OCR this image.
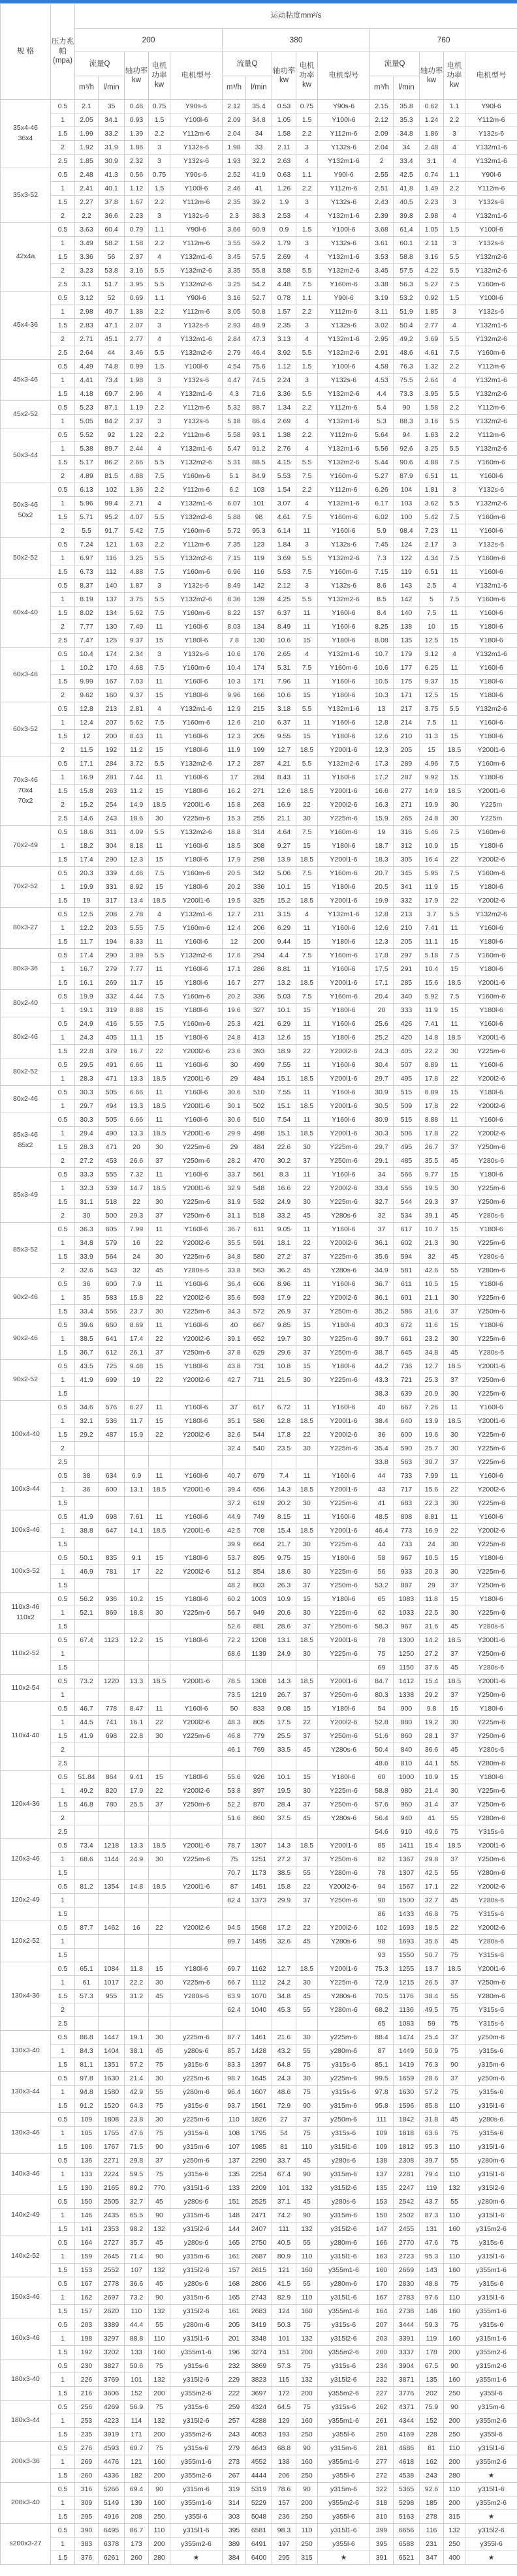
规 格	压力兆帕(mpa)	运动粘度mm²/s														
		200					380					760				
		流量Q		轴功率kw	电机功率kw	电机型号	流量Q		轴功率kw	电机功率kw	电机型号	流量Q		轴功率kw	电机功率kw	电机型号
		m³/h	l/min				m³/h	l/min				m³/h	l/min			
35x4-46
36x4	0.5	2.1	35	0.46	0.75	Y90s-6	2.12	35.4	0.53	0.75	Y90s-6	2.15	35.8	0.62	1.1	Y90l-6
	1	2.05	34.1	0.93	1.5	Y100l-6	2.09	34.8	1.05	1.5	Y100l-6	2.12	35.3	1.24	2.2	Y112m-6
	1.5	1.99	33.2	1.39	2.2	Y112m-6	2.04	34	1.58	2.2	Y112m-6	2.09	34.8	1.86	3	Y132s-6
	2	1.92	31.9	1.86	3	Y132s-6	1.98	33	2.11	3	Y132s-6	2.04	34	2.48	4	Y132m1-6
	2.5	1.85	30.9	2.32	3	Y132s-6	1.93	32.2	2.63	4	Y132m1-6	2	33.4	3.1	4	Y132m1-6
35x3-52	0.5	2.48	41.3	0.56	0.75	Y90s-6	2.52	41.9	0.63	1.1	Y90l-6	2.55	42.5	0.74	1.1	Y90l-6
	1	2.41	40.1	1.12	1.5	Y100l-6	2.46	41	1.26	2.2	Y112m-6	2.51	41.8	1.49	2.2	Y112m-6
	1.5	2.27	37.8	1.67	2.2	Y112m-6	2.35	39.2	1.9	3	Y132s-6	2.43	40.5	2.23	3	Y132s-6
	2	2.2	36.6	2.23	3	Y132s-6	2.3	38.3	2.53	4	Y132m1-6	2.39	39.8	2.98	4	Y132m1-6
42x4a	0.5	3.63	60.4	0.79	1.1	Y90l-6	3.66	60.9	0.9	1.5	Y100l-6	3.68	61.4	1.05	1.5	Y100l-6
	1	3.49	58.2	1.58	2.2	Y112m-6	3.55	59.2	1.79	3	Y132s-6	3.61	60.1	2.11	3	Y132s-6
	1.5	3.36	56	2.37	4	Y132m1-6	3.45	57.5	2.69	4	Y132m1-6	3.53	58.8	3.16	5.5	Y132m2-6
	2	3.23	53.8	3.16	5.5	Y132m2-6	3.35	55.8	3.58	5.5	Y132m2-6	3.45	57.5	4.22	5.5	Y132m2-6
	2.5	3.1	51.7	3.95	5.5	Y132m2-6	3.25	54.2	4.48	7.5	Y160m-6	3.38	56.3	5.27	7.5	Y160m-6
45x4-36	0.5	3.12	52	0.69	1.1	Y90l-6	3.16	52.7	0.78	1.1	Y90l-6	3.19	53.2	0.92	1.5	Y100l-6
	1	2.98	49.7	1.38	2.2	Y112m-6	3.05	50.8	1.57	2.2	Y112m-6	3.11	51.9	1.85	3	Y132s-6
	1.5	2.83	47.1	2.07	3	Y132s-6	2.93	48.9	2.35	3	Y132s-6	3.02	50.4	2.77	4	Y132m1-6
	2	2.71	45.1	2.77	4	Y132m1-6	2.84	47.3	3.13	4	Y132m1-6	2.95	49.2	3.69	5.5	Y132m2-6
	2.5	2.64	44	3.46	5.5	Y132m2-6	2.79	46.4	3.92	5.5	Y132m2-6	2.91	48.6	4.61	7.5	Y160m-6
45x3-46	0.5	4.49	74.8	0.99	1.5	Y100l-6	4.54	75.6	1.12	1.5	Y100l-6	4.58	76.3	1.32	2.2	Y112m-6
	1	4.41	73.4	1.98	3	Y132s-6	4.47	74.5	2.24	3	Y132s-6	4.53	75.5	2.64	4	Y132m1-6
	1.5	4.18	69.7	2.96	4	Y132m1-6	4.3	71.6	3.36	5.5	Y132m2-6	4.4	73.3	3.95	5.5	Y132m2-6
45x2-52	0.5	5.23	87.1	1.19	2.2	Y112m-6	5.32	88.7	1.34	2.2	Y112m-6	5.4	90	1.58	2.2	Y112m-6
	1	5.05	84.2	2.37	3	Y132s-6	5.18	86.4	2.69	4	Y132m1-6	5.3	88.3	3.16	5.5	Y132m2-6
50x3-44	0.5	5.52	92	1.22	2.2	Y112m-6	5.58	93.1	1.38	2.2	Y112m-6	5.64	94	1.63	2.2	Y112m-6
	1	5.38	89.7	2.44	4	Y132m1-6	5.47	91.2	2.76	4	Y132m1-6	5.56	92.6	3.25	5.5	Y132m2-6
	1.5	5.17	86.2	2.66	5.5	Y132m2-6	5.31	88.5	4.15	5.5	Y132m2-6	5.44	90.6	4.88	7.5	Y160m-6
	2	4.89	81.5	4.88	7.5	Y160m-6	5.1	84.9	5.53	7.5	Y160m-6	5.27	87.9	6.51	11	Y160l-6
50x3-46
50x2	0.5	6.13	102	1.36	2.2	Y112m-6	6.2	103	1.54	2.2	Y112m-6	6.26	104	1.81	3	Y132s-6
	1	5.96	99.4	2.71	4	Y132m1-6	6.07	101	3.07	4	Y132m1-6	6.17	103	3.62	5.5	Y132m2-6
	1.5	5.71	95.2	4.07	5.5	Y132m2-6	5.88	98	4.61	7.5	Y160m-6	6.02	100	5.42	7.5	Y160m-6
	2	5.5	91.7	5.42	7.5	Y160m-6	5.72	95.3	6.14	11	Y160l-6	5.9	98.4	7.23	11	Y160l-6
50x2-52	0.5	7.24	121	1.63	2.2	Y112m-6	7.35	123	1.84	3	Y132s-6	7.45	124	2.17	3	Y132s-6
	1	6.97	116	3.25	5.5	Y132m2-6	7.15	119	3.69	5.5	Y132m2-6	7.3	122	4.34	7.5	Y160m-6
	1.5	6.73	112	4.88	7.5	Y160m-6	6.96	116	5.53	7.5	Y160m-6	7.15	119	6.51	11	Y160l-6
60x4-40	0.5	8.37	140	1.87	3	Y132s-6	8.49	142	2.12	3	Y132s-6	8.6	143	2.5	4	Y132m1-6
	1	8.19	137	3.75	5.5	Y132m2-6	8.36	139	4.25	5.5	Y132m2-6	8.5	142	5	7.5	Y160m-6
	1.5	8.02	134	5.62	7.5	Y160m-6	8.22	137	6.37	11	Y160l-6	8.4	140	7.5	11	Y160l-6
	2	7.77	130	7.49	11	Y160l-6	8.03	134	8.49	11	Y160l-6	8.25	138	10	15	Y180l-6
	2.5	7.47	125	9.37	15	Y180l-6	7.8	130	10.6	15	Y180l-6	8.08	135	12.5	15	Y180l-6
60x3-46	0.5	10.4	174	2.34	3	Y132s-6	10.6	176	2.65	4	Y132m1-6	10.7	179	3.12	4	Y132m1-6
	1	10.2	170	4.68	7.5	Y160m-6	10.4	174	5.31	7.5	Y160m-6	10.6	177	6.25	11	Y160l-6
	1.5	9.99	167	7.03	11	Y160l-6	10.3	171	7.96	11	Y160l-6	10.5	175	9.37	15	Y180l-6
	2	9.62	160	9.37	15	Y180l-6	9.96	166	10.6	15	Y180l-6	10.3	171	12.5	15	Y180l-6
60x3-52	0.5	12.8	213	2.81	4	Y132m1-6	12.9	215	3.18	5.5	Y132m1-6	13	217	3.75	5.5	Y132m2-6
	1	12.4	207	5.62	7.5	Y160m-6	12.6	210	6.37	11	Y160l-6	12.8	214	7.5	11	Y160l-6
	1.5	12	200	8.43	11	Y160l-6	12.3	205	9.55	15	Y180l-6	12.6	210	11.3	15	Y180l-6
	2	11.5	192	11.2	15	Y180l-6	11.9	199	12.7	18.5	Y200l1-6	12.3	205	15	18.5	Y200l1-6
70x3-46
70x4
70x2	0.5	17.1	284	3.72	5.5	Y132m2-6	17.2	287	4.21	5.5	Y132m2-6	17.3	289	4.96	7.5	Y160m-6
	1	16.9	281	7.44	11	Y160l-6	17	284	8.43	11	Y160l-6	17.2	287	9.92	15	Y180l-6
	1.5	15.8	263	11.2	15	Y180l-6	16.2	271	12.6	18.5	Y200l1-6	16.6	277	14.9	18.5	Y200l1-6
	2	15.2	254	14.9	18.5	Y200l1-6	15.8	263	16.9	22	Y200l2-6	16.3	271	19.9	30	Y225m
	2.5	14.6	243	18.6	30	Y225m-6	15.3	255	21.1	30	Y225m-6	15.9	265	24.8	30	Y225m
70x2-49	0.5	18.6	311	4.09	5.5	Y132m2-6	18.8	314	4.64	7.5	Y160m-6	19	316	5.46	7.5	Y160m-6
	1	18.2	304	8.18	11	Y160l-6	18.5	308	9.27	15	Y180l-6	18.7	312	10.9	15	Y180l-6
	1.5	17.4	290	12.3	15	Y180l-6	17.9	298	13.9	18.5	Y200l1-6	18.3	305	16.4	22	Y200l2-6
70x2-52	0.5	20.3	339	4.46	7.5	Y160m-6	20.5	342	5.06	7.5	Y160m-6	20.7	345	5.95	7.5	Y160m-6
	1	19.9	331	8.92	15	Y180l-6	20.2	336	10.1	15	Y180l-6	20.5	341	11.9	15	Y180l-6
	1.5	19	317	13.4	18.5	Y200l1-6	19.5	325	15.2	18.5	Y200l1-6	19.9	332	17.9	22	Y200l2-6
80x3-27	0.5	12.5	208	2.78	4	Y132m1-6	12.7	211	3.15	4	Y132m1-6	12.8	213	3.7	5.5	Y132m2-6
	1	12.2	203	5.55	7.5	Y160m-6	12.4	206	6.29	11	Y160l-6	12.6	210	7.41	11	Y160l-6
	1.5	11.7	194	8.33	11	Y160l-6	12	200	9.44	15	Y180l-6	12.3	205	11.1	15	Y180l-6
80x3-36	0.5	17.4	290	3.89	5.5	Y132m2-6	17.6	294	4.4	7.5	Y160m-6	17.8	297	5.18	7.5	Y160m-6
	1	16.7	279	7.77	11	Y160l-6	17.1	286	8.81	11	Y160l-6	17.5	291	10.4	15	Y180l-6
	1.5	16.1	269	11.7	15	Y180l-6	16.7	277	13.2	18.5	Y200l1-6	17.1	285	15.6	18.5	Y200l1-6
80x2-40	0.5	19.9	332	4.44	7.5	Y160m-6	20.2	336	5.03	7.5	Y160m-6	20.4	340	5.92	7.5	Y160m-6
	1	19.1	319	8.88	15	Y180l-6	19.6	327	10.1	15	Y180l-6	20	333	11.9	15	Y180l-6
80x2-46	0.5	24.9	416	5.55	7.5	Y160m-6	25.3	421	6.29	11	Y160l-6	25.6	426	7.41	11	Y160l-6
	1	24.3	405	11.1	15	Y180l-6	24.8	413	12.6	15	Y180l-6	25.2	420	14.8	18.5	Y200l1-6
	1.5	22.8	379	16.7	22	Y200l2-6	23.6	393	18.9	22	Y200l2-6	24.3	405	22.2	30	Y225m-6
80x2-52	0.5	29.5	491	6.66	11	Y160l-6	30	499	7.55	11	Y160l-6	30.4	507	8.89	11	Y160l-6
	1	28.3	471	13.3	18.5	Y200l1-6	29	484	15.1	18.5	Y200l1-6	29.7	495	17.8	22	Y200l2-6
80x2-46	0.5	30.3	505	6.66	11	Y160l-6	30.6	510	7.55	11	Y160l-6	30.9	515	8.89	15	Y180l-6
	1	29.7	494	13.3	18.5	Y200l1-6	30.1	502	15.1	18.5	Y200l1-6	30.5	509	17.8	22	Y200l2-6
85x3-46
85x2	0.5	30.3	505	6.66	11	Y160l-6	30.6	510	7.54	11	Y160l-6	30.9	515	8.88	11	Y160l-6
	1	29.4	490	13.3	18.5	Y200l1-6	29.9	498	15.1	18.5	Y200l1-6	30.3	506	17.8	22	Y200l2-6
	1.5	28.3	471	20	30	Y225m-6	29	484	22.6	30	Y225m-6	29.7	495	26.7	37	Y250m-6
	2	27.2	453	26.6	37	Y250m-6	28.2	470	30.2	37	Y250m-6	29.1	485	35.5	45	Y280s-6
85x3-49	0.5	33.3	555	7.32	11	Y160l-6	33.7	561	8.3	11	Y160l-6	34	566	9.77	15	Y180l-6
	1	32.3	539	14.7	18.5	Y200l1-6	32.9	548	16.6	22	Y200l2-6	33.4	556	19.5	30	Y225m-6
	1.5	31.1	518	22	30	Y225m-6	31.9	532	24.9	30	Y225m-6	32.7	544	29.3	37	Y250m-6
	2	30	500	29.3	37	Y250m-6	31.1	518	33.2	45	Y280s-6	32	534	39.1	45	Y280s-6
85x3-52	0.5	36.3	605	7.99	11	Y160l-6	36.7	611	9.05	11	Y160l-6	37	617	10.7	15	Y180l-6
	1	34.8	579	16	22	Y200l2-6	35.5	591	18.1	22	Y200l2-6	36.1	602	21.3	30	Y225m-6
	1.5	33.9	564	24	30	Y225m-6	34.8	580	27.2	37	Y225m-6	35.6	594	32	45	Y280s-6
	2	32.6	543	32	45	Y280s-6	33.8	563	36.2	45	Y280s-6	34.9	581	42.6	55	Y280m-6
90x2-46	0.5	36	600	7.9	11	Y160l-6	36.4	606	8.96	11	Y160l-6	36.7	611	10.5	15	Y180l-6
	1	35	583	15.8	22	Y200l2-6	35.6	593	17.9	22	Y200l2-6	36.1	601	21.1	30	Y225m-6
	1.5	33.4	556	23.7	30	Y225m-6	34.3	572	26.9	37	Y250m-6	35.2	586	31.6	37	Y250m-6
90x2-46	0.5	39.6	660	8.69	11	Y160l-6	40	667	9.85	15	Y180l-6	40.3	672	11.6	15	Y180l-6
	1	38.5	641	17.4	22	Y200l2-6	39.1	652	19.7	30	Y225m-6	39.7	661	23.2	30	Y225m-6
	1.5	36.7	612	26.1	37	Y250m-6	37.8	629	29.6	37	Y250m-6	38.7	645	34.8	45	Y280s-6
90x2-52	0.5	43.5	725	9.48	15	Y180l-6	43.8	731	10.8	15	Y180l-6	44.2	736	12.7	18.5	Y200l1-6
	1	41.9	699	19	22	Y200l2-6	42.7	711	21.5	30	Y225m-6	43.3	721	25.3	37	Y250m-6
	1.5											38.3	639	20.9	30	Y225m-6
100x4-40	0.5	34.6	576	6.27	11	Y160l-6	37	617	6.72	11	Y160l-6	40	667	7.26	11	Y160l-6
	1	32.1	536	11.7	15	Y180l-6	35.1	586	12.8	18.5	Y200l1-6	38.4	640	13.9	18.5	Y200l1-6
	1.5	29.2	487	15.9	22	Y200l2-6	32.6	544	17.8	22	Y200l2-6	36	600	19.6	30	Y225m-6
	2						32.4	540	23.5	30	Y225m-6	35.4	590	25.7	30	Y225m-6
	2.5											33.8	563	30.7	37	Y225m-6
100x3-44	0.5	38	634	6.9	11	Y160l-6	40.7	679	7.4	11	Y160l-6	44	733	7.99	11	Y160l-6
	1	36	600	13.1	18.5	Y200l1-6	39.4	656	14.3	18.5	Y200l1-6	43	717	15.6	22	Y200l2-6
	1.5						37.2	619	20.2	30	Y225m-6	41	683	22.3	30	Y225m-6
100x3-46	0.5	41.9	698	7.61	11	Y160l-6	44.9	749	8.15	11	Y160l-6	48.5	808	8.81	11	Y160l-6
	1	38.8	647	14.1	18.5	Y200l1-6	42.5	708	15.4	18.5	Y200l1-6	46.4	773	16.9	22	Y200l2-6
	1.5						39.9	664	21.7	30	Y225m-6	44	733	24	30	Y225m-6
100x3-52	0.5	50.1	835	9.1	15	Y180l-6	53.7	895	9.75	15	Y180l-6	58	967	10.5	15	Y180l-6
	1	46.9	781	17	22	Y200l2-6	51.2	854	18.6	30	Y225m-6	56	933	20.3	30	Y225m-6
	1.5						48.2	803	26.3	37	Y250m-6	53.2	887	29	37	Y250m-6
110x3-46
110x2	0.5	56.2	936	10.2	15	Y180l-6	60.2	1003	10.9	15	Y180l-6	65	1083	11.8	15	Y180l-6
	1	52.1	869	18.8	30	Y225m-6	56.7	949	20.6	30	Y225m-6	62	1033	22.5	30	Y225m-6
	1.5						52.6	881	28.6	37	Y250m-6	58.3	967	31.6	45	Y280s-6
110x2-52	0.5	67.4	1123	12.2	15	Y180l-6	72.2	1208	13.1	18.5	Y200l1-6	78	1300	14.2	18.5	Y200l1-6
	1						68.6	1139	24.9	30	Y225m-6	75	1250	27.2	37	Y250m-6
	1.5											69	1150	37.6	45	Y280s-6
110x2-54	0.5	73.2	1220	13.3	18.5	Y200l1-6	78.5	1308	14.3	18.5	Y200l1-6	84.7	1412	15.4	18.5	Y200l1-6
	1						73.5	1219	26.7	37	Y250m-6	80.3	1338	29.2	37	Y250m-6
110x4-40	0.5	46.7	778	8.47	11	Y160l-6	50	833	9.08	15	Y180l-6	54	900	9.8	15	Y180l-6
	1	44.5	741	16.1	22	Y200l2-6	48.3	805	17.5	22	Y200l2-6	52.8	880	19.2	30	Y225m-6
	1.5	41.9	698	22.8	30	Y225m-6	46.8	779	25.5	37	Y250m-6	51.6	860	28.1	37	Y250m-6
	2						46.1	769	33.5	45	Y280s-6	50.4	840	36.6	45	Y280s-6
	2.5											48.6	810	44.1	55	Y280m-6
120x4-36	0.5	51.84	864	9.41	15	Y180l-6	55.6	926	10.1	15	Y180l-6	60	1000	10.9	15	Y180l-6
	1	49.2	820	17.9	22	Y200l2-6	53.8	897	19.5	30	Y225m-6	58.8	980	21.4	30	Y225m-6
	1.5	46.8	780	25.5	37	Y250m-6	52.2	870	28.4	37	Y250m-6	57.6	960	31.4	37	Y250m-6
	2						51.6	860	37.5	45	Y280s-6	56.4	940	41	55	Y280m-6
	2.5											54.6	910	49.6	75	Y315s-6
120x3-46	0.5	73.4	1218	13.3	18.5	Y200l1-6	78.7	1307	14.3	18.5	Y200l1-6	85	1411	15.4	18.5	Y200l1-6
	1	68.6	1144	24.9	30	Y225m-6	75	1251	27.2	37	Y250m-6	82	1367	29.8	37	Y250m-6
	1.5						70.7	1173	38.5	55	Y280m-6	78	1307	42.5	55	Y280m-6
120x2-49	0.5	81.2	1354	14.8	18.5	Y200l1-6	87	1451	15.8	22	Y200l2-6-	94	1567	17.1	22	Y200l2-6
	1						82.4	1373	29.9	37	Y250m-6	90	1500	32.7	45	Y280s-6
	1.5											86	1433	46.8	75	Y315s-6
120x2-52	0.5	87.7	1462	16	22	Y200l2-6	94.5	1568	17.2	22	Y200l2-6	102	1693	18.5	22	Y200l2-6
	1						89.7	1495	32.6	45	Y280s-6	98	1693	35.6	45	Y280s-6
	1.5											93	1550	50.7	75	Y315s-6
130x4-36	0.5	65.1	1084	11.8	15	Y180l-6	69.7	1162	12.7	18.5	Y200l1-6	75.3	1255	13.7	18.5	Y200l1-6
	1	61	1017	22.2	30	Y225m-6	66.7	1112	24.2	30	Y225m-6	72.9	1215	26.5	37	Y250m-6
	1.5	57.3	955	31.2	45	Y280s-6	63.9	1070	34.8	45	Y280s-6	70.5	1176	38.4	55	Y280m-6
	2						62.4	1040	45.3	55	Y280m-6	68.2	1136	49.5	75	Y315s-6
	2.5											65	1083	59	75	Y315s-6
130x3-40	0.5	86.8	1447	19.1	30	y225m-6	87.7	1461	21.6	30	y225m-6	88.4	1474	25.4	37	y250m-6
	1	84.3	1404	38.1	45	y280s-6	85.7	1428	43.2	55	y280m-6	87	1449	50.9	75	y315s-6
	1.5	81.1	1351	57.2	75	y315s-6	83.3	1397	64.8	75	y315s-6	85.1	1419	76.3	90	y315m-6
130x3-44	0.5	97.8	1630	21.4	30	y225m-6	98.7	1645	24.3	30	y225m-6	99.5	1659	28.6	37	y250m-6
	1	94.8	1580	42.9	55	y280m-6	96.4	1607	48.6	75	y315s-6	97.8	1630	57.2	75	y315s-6
	1.5	91.2	1520	64.3	75	y315s-6	93.7	1561	72.9	90	y315m-6	95.8	1596	85.8	110	y315l1-6
130x3-46	0.5	109	1808	23.8	30	y225m-6	110	1826	27	37	y250m-6	111	1842	31.8	45	y280s-6
	1	105	1755	47.6	75	y315s-6	108	1795	54	75	y315s-6	109	1818	63.6	75	y315s-6
	1.5	106	1767	71.5	90	y315m-6	107	1985	81	110	y315l1-6	109	1812	95.3	110	y315l1-6
140x3-46	0.5	136	2271	29.8	37	y250m-6	137	2290	33.7	45	y280s-6	138	2308	39.7	55	y280m-6
	1	133	2224	59.5	75	y315s-6	135	2254	67.4	90	y315m-6	137	2281	79.4	110	y315l1-6
	1.5	130	2165	89.2	770	y315l1-6	133	2209	101	132	y315l2-6	135	2247	119	132	y315l2-6
140x2-49	0.5	150	2505	32.7	45	y280s-6	151	2525	37.1	45	y280s-6	153	2542	43.7	55	y280m-6
	1	146	2435	65.5	90	y315m-6	148	2471	74.2	90	y315m-6	150	2502	87.3	110	y315l1-6
	1.5	141	2353	98.2	132	y315l2-6	144	2407	111	132	y315l2-6	147	2455	131	160	y315m2-6
140x2-52	0.5	164	2727	35.7	45	y280s-6	165	2750	40.5	55	y280m-6	166	2770	47.6	75	y315s-6
	1	159	2645	71.4	90	y315m-6	161	2687	80.9	110	y315l1-6	163	2723	95.3	110	y315l1-6
	1.5	153	2552	107	132	y315l2-6	157	2615	121	160	y355m1-6	160	2669	143	160	y355m1-6
150x3-46	0.5	167	2778	36.6	45	y280s-6	168	2806	41.5	55	y280m-6	170	2830	48.8	75	y315s-6
	1	162	2697	73.2	90	y315m-6	165	2743	82.9	110	y315l1-6	167	2783	97.6	110	y315l1-6
	1.5	157	2620	110	132	y315l2-6	161	2683	124	160	y355m1-6	164	2738	146	160	y355m1-6
160x3-46	0.5	203	3389	44.4	55	y280m-6	205	3419	50.3	75	y315s-6	207	3444	59.3	75	y315s-6
	1	198	3297	88.8	110	y315l1-6	201	3348	101	132	y315l2-6	203	3391	119	160	y315m1-6
	1.5	192	3202	133	160	y355m1-6	196	3274	151	200	y355m2-6	200	3337	178	200	y355m2-6
180x3-40	0.5	230	3827	50.6	75	y315s-6	232	3869	57.3	75	y315s-6	234	3904	67.5	90	y315m2-6
	1	226	3769	101	132	y315l2-6	229	3823	115	132	y315l2-6	232	3871	135	160	y355m1-6
	1.5	216	3606	152	200	y355m2-6	222	3697	172	200	y355m2-6	227	3776	202	250	y355l-6
180x3-44	0.5	256	4269	56.9	75	y315s-6	259	4324	64.5	75	y315s-6	262	4371	75.9	90	y315m-6
	1	253	4223	114	132	y315l2-6	257	4288	129	160	y355m1-6	261	4344	152	200	y355m2-6
	1.5	235	3919	171	200	y355m2-6	243	4053	193	250	y355l-6	250	4169	228	250	y355l-6
200x3-36	0.5	276	4593	60.7	75	y315s-6	279	4643	68.8	90	y315m-6	281	4686	81	110	y315l1-6
	1	269	4476	121	160	y355m1-6	273	4552	138	160	y355m1-6	277	4618	162	200	y355m2-6
	1.5	260	4336	182	200	y355m2-6	267	4444	206	250	y355l-6	272	4538	243	280	★
200x3-40	0.5	316	5266	69.4	90	y315m-6	319	5319	78.6	90	y315m-6	322	5365	92.6	110	y315l1-6
	1	309	5149	139	160	y355m1-6	314	5229	157	200	y355m2-6	318	5298	185	200	y355m2-6
	1.5	295	4916	208	250	y355l-6	303	5048	236	250	y355l-6	310	5163	278	315	★
s200x3-27	0.5	390	6495	86.7	110	y315l1-6	395	6581	98.3	110	y315l1-6	399	6656	116	132	y315l2-6
	1	383	6378	173	200	y355m2-6	389	6491	197	250	y355l-6	395	6588	231	250	y355l-6
	1.5	376	6261	260	280	★	384	6400	295	315	★	391	6521	347	400	★
